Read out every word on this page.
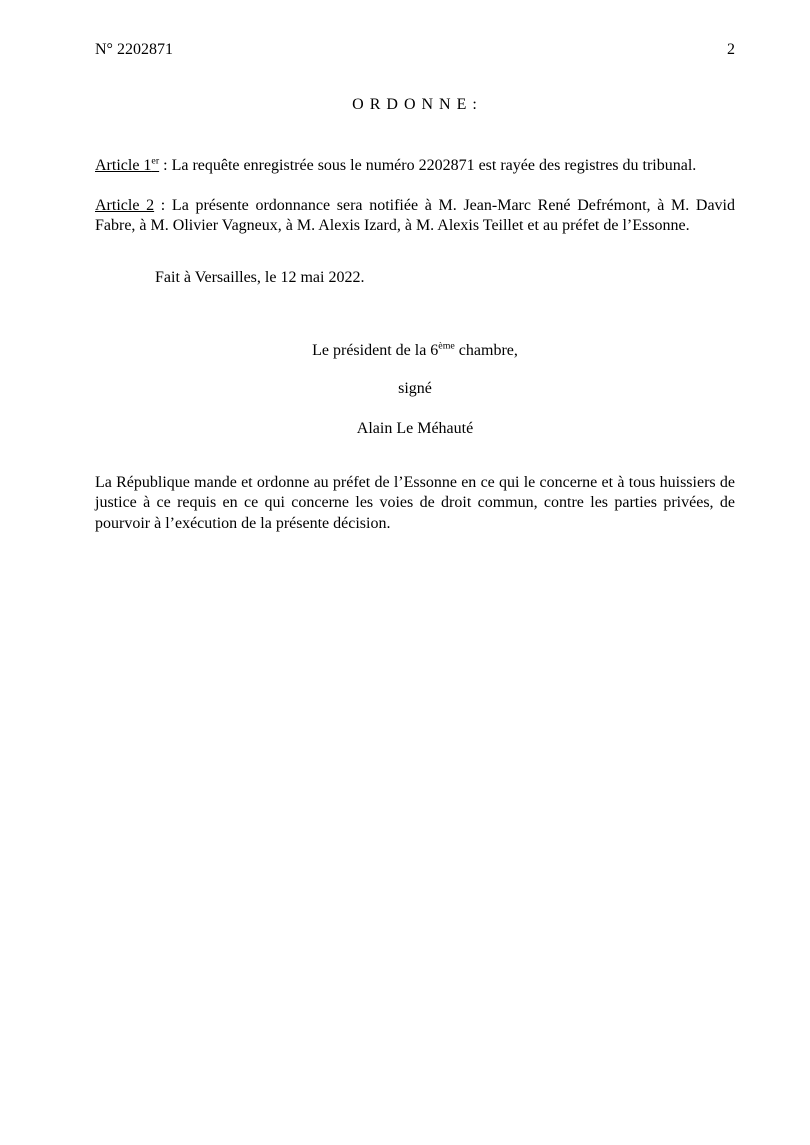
N° 2202871	2
O R D O N N E :

Article 1er : La requête enregistrée sous le numéro 2202871 est rayée des registres du tribunal.

Article 2 : La présente ordonnance sera notifiée à M. Jean-Marc René Defrémont, à M. David Fabre, à M. Olivier Vagneux, à M. Alexis Izard, à M. Alexis Teillet et au préfet de l’Essonne.

Fait à Versailles, le 12 mai 2022.
Le président de la 6ème chambre,
signé
Alain Le Méhauté

La République mande et ordonne au préfet de l’Essonne en ce qui le concerne et à tous huissiers de justice à ce requis en ce qui concerne les voies de droit commun, contre les parties privées, de pourvoir à l’exécution de la présente décision.
